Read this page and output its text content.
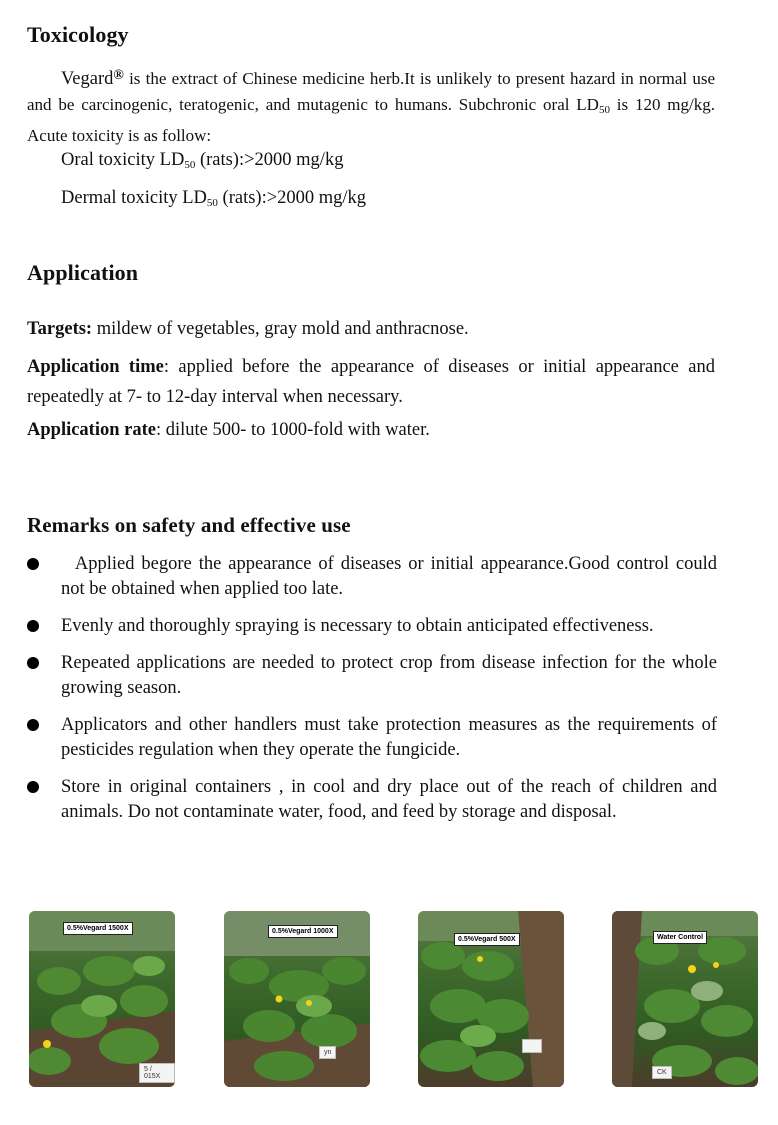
Toxicology

Vegard® is the extract of Chinese medicine herb.It is unlikely to present hazard in normal use and be carcinogenic, teratogenic, and mutagenic to humans. Subchronic oral $LD_{50}$ is 120 mg/kg. Acute toxicity is as follow:

Oral toxicity $LD_{50}$ (rats):>2000 mg/kg

Dermal toxicity $LD_{50}$ (rats):>2000 mg/kg

Application

Targets: mildew of vegetables, gray mold and anthracnose.

Application time: applied before the appearance of diseases or initial appearance and repeatedly at 7- to 12-day interval when necessary.

Application rate: dilute 500- to 1000-fold with water.

Remarks on safety and effective use
Applied begore the appearance of diseases or initial appearance.Good control could not be obtained when applied too late.
Evenly and thoroughly spraying is necessary to obtain anticipated effectiveness.
Repeated applications are needed to protect crop from disease infection for the whole growing season.
Applicators and other handlers must take protection measures as the requirements of pesticides regulation when they operate the fungicide.
Store in original containers , in cool and dry place out of the reach of children and animals. Do not contaminate water, food, and feed by storage and disposal.
0.5%Vegard 1500X
5 / 015X
0.5%Vegard 1000X
yn
0.5%Vegard 500X	Water Control
CK
